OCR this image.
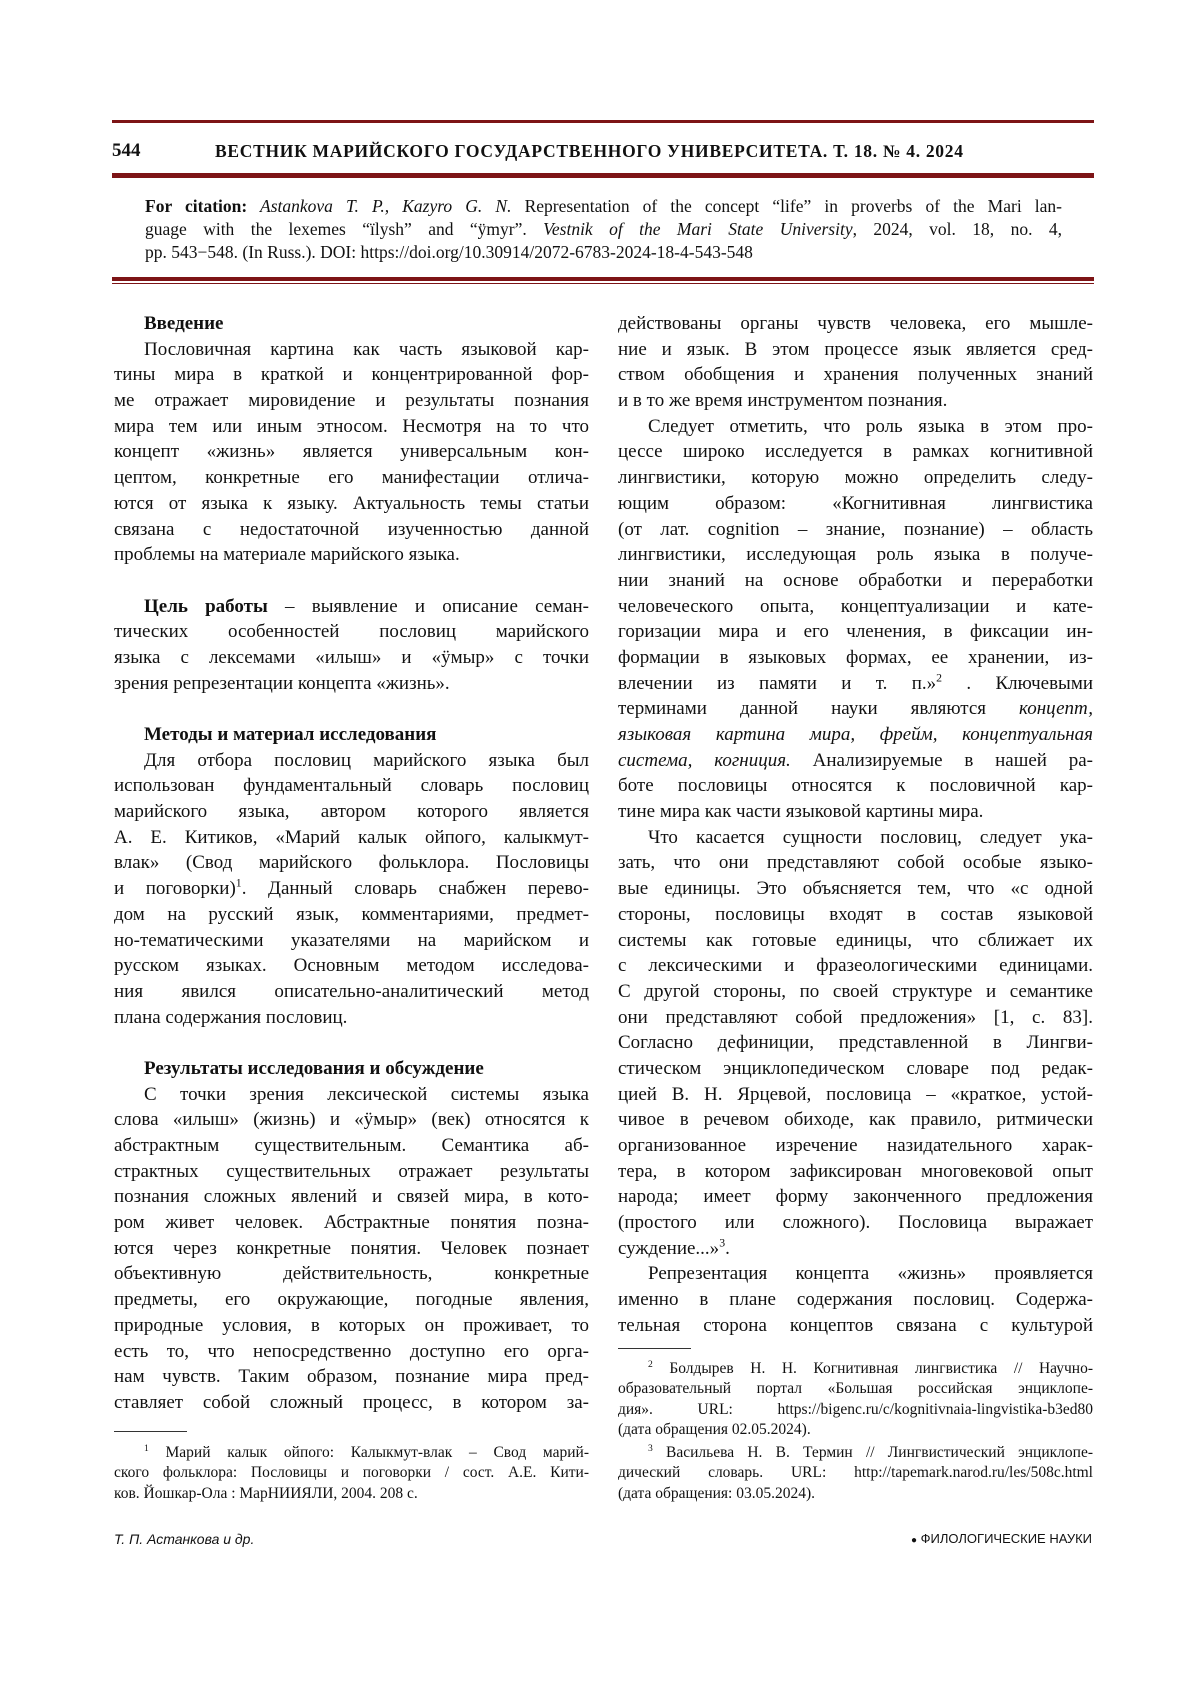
544	ВЕСТНИК МАРИЙСКОГО ГОСУДАРСТВЕННОГО УНИВЕРСИТЕТА. Т. 18. № 4. 2024
For citation: Astankova T. P., Kazyro G. N. Representation of the concept “life” in proverbs of the Mari lan-
guage with the lexemes “ïlysh” and “ÿmyr”. Vestnik of the Mari State University, 2024, vol. 18, no. 4,
pp. 543−548. (In Russ.). DOI: https://doi.org/10.30914/2072-6783-2024-18-4-543-548
Введение
Пословичная картина как часть языковой кар-
тины мира в краткой и концентрированной фор-
ме отражает мировидение и результаты познания
мира тем или иным этносом. Несмотря на то что
концепт «жизнь» является универсальным кон-
цептом, конкретные его манифестации отлича-
ются от языка к языку. Актуальность темы статьи
связана с недостаточной изученностью данной
проблемы на материале марийского языка.
Цель работы – выявление и описание семан-
тических особенностей пословиц марийского
языка с лексемами «илыш» и «ӱмыр» с точки
зрения репрезентации концепта «жизнь».
Методы и материал исследования
Для отбора пословиц марийского языка был
использован фундаментальный словарь пословиц
марийского языка, автором которого является
А. Е. Китиков, «Марий калык ойпого, калыкмут-
влак» (Свод марийского фольклора. Пословицы
и поговорки)1. Данный словарь снабжен перево-
дом на русский язык, комментариями, предмет-
но-тематическими указателями на марийском и
русском языках. Основным методом исследова-
ния явился описательно-аналитический метод
плана содержания пословиц.
Результаты исследования и обсуждение
С точки зрения лексической системы языка
слова «илыш» (жизнь) и «ӱмыр» (век) относятся к
абстрактным существительным. Семантика аб-
страктных существительных отражает результаты
познания сложных явлений и связей мира, в кото-
ром живет человек. Абстрактные понятия позна-
ются через конкретные понятия. Человек познает
объективную действительность, конкретные
предметы, его окружающие, погодные явления,
природные условия, в которых он проживает, то
есть то, что непосредственно доступно его орга-
нам чувств. Таким образом, познание мира пред-
ставляет собой сложный процесс, в котором за-
действованы органы чувств человека, его мышле-
ние и язык. В этом процессе язык является сред-
ством обобщения и хранения полученных знаний
и в то же время инструментом познания.
Следует отметить, что роль языка в этом про-
цессе широко исследуется в рамках когнитивной
лингвистики, которую можно определить следу-
ющим образом: «Когнитивная лингвистика
(от лат. cognition – знание, познание) – область
лингвистики, исследующая роль языка в получе-
нии знаний на основе обработки и переработки
человеческого опыта, концептуализации и кате-
горизации мира и его членения, в фиксации ин-
формации в языковых формах, ее хранении, из-
влечении из памяти и т. п.»2 . Ключевыми
терминами данной науки являются концепт,
языковая картина мира, фрейм, концептуальная
система, когниция. Анализируемые в нашей ра-
боте пословицы относятся к пословичной кар-
тине мира как части языковой картины мира.
Что касается сущности пословиц, следует ука-
зать, что они представляют собой особые языко-
вые единицы. Это объясняется тем, что «с одной
стороны, пословицы входят в состав языковой
системы как готовые единицы, что сближает их
с лексическими и фразеологическими единицами.
С другой стороны, по своей структуре и семантике
они представляют собой предложения» [1, с. 83].
Согласно дефиниции, представленной в Лингви-
стическом энциклопедическом словаре под редак-
цией В. Н. Ярцевой, пословица – «краткое, устой-
чивое в речевом обиходе, как правило, ритмически
организованное изречение назидательного харак-
тера, в котором зафиксирован многовековой опыт
народа; имеет форму законченного предложения
(простого или сложного). Пословица выражает
суждение...»3.
Репрезентация концепта «жизнь» проявляется
именно в плане содержания пословиц. Содержа-
тельная сторона концептов связана с культурой
1 Марий калык ойпого: Калыкмут-влак – Свод марий-
ского фольклора: Пословицы и поговорки / сост. А.Е. Кити-
ков. Йошкар-Ола : МарНИИЯЛИ, 2004. 208 с.
2 Болдырев Н. Н. Когнитивная лингвистика // Научно-
образовательный портал «Большая российская энциклопе-
дия». URL: https://bigenc.ru/c/kognitivnaia-lingvistika-b3ed80
(дата обращения 02.05.2024).
3 Васильева Н. В. Термин // Лингвистический энциклопе-
дический словарь. URL: http://tapemark.narod.ru/les/508c.html
(дата обращения: 03.05.2024).
Т. П. Астанкова и др.	● ФИЛОЛОГИЧЕСКИЕ НАУКИ
